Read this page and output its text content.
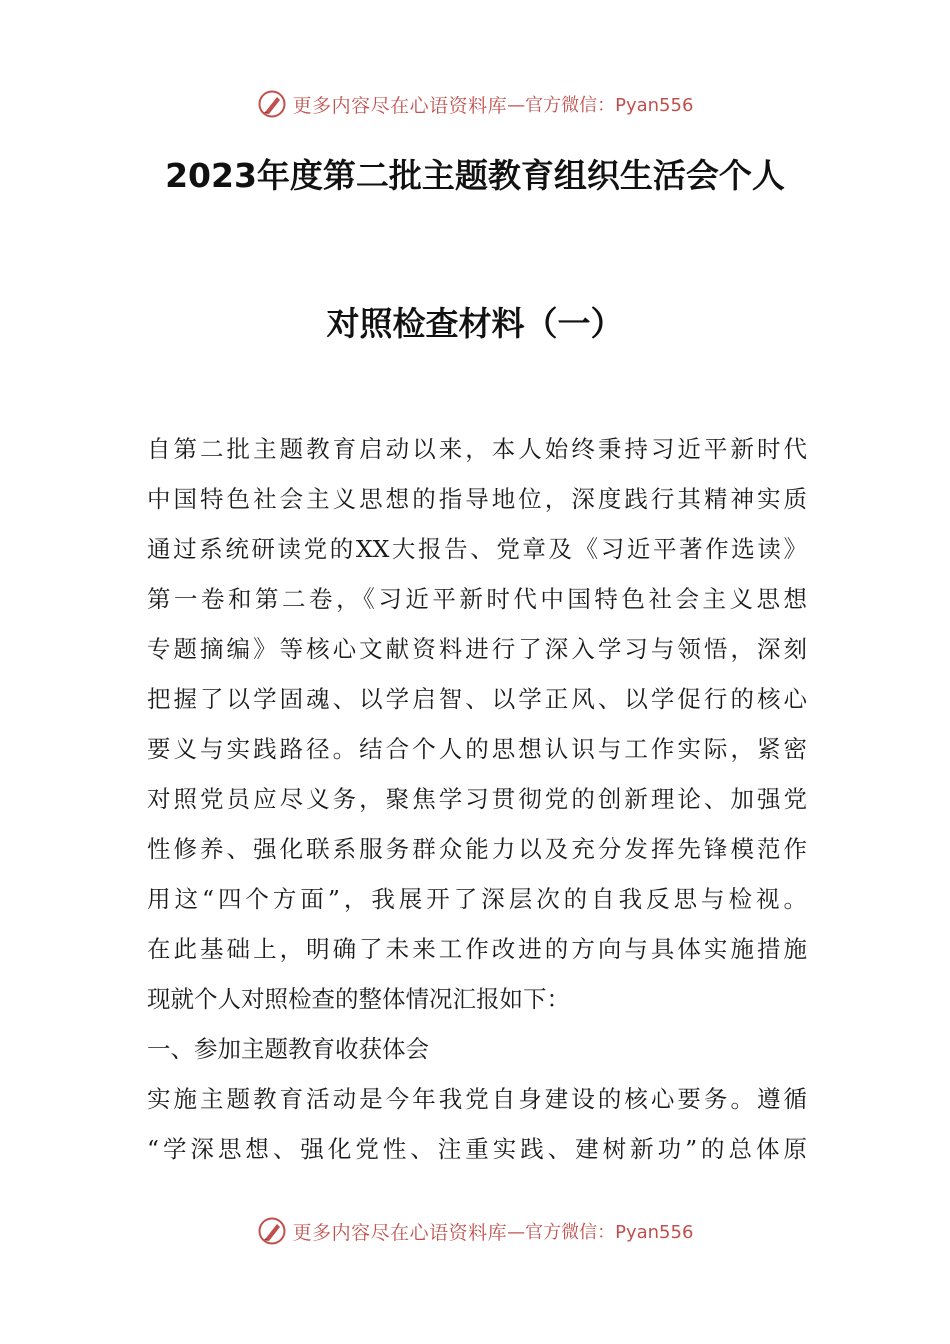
更多内容尽在心语资料库 —官方微信：Pyan556
2023年度第二批主题教育组织生活会个人
对照检查材料（一）
自第二批主题教育启动以来，本人始终秉持习近平新时代
中国特色社会主义思想的指导地位，深度践行其精神实质
通过系统研读党的XX大报告、党章及《习近平著作选读》
第一卷和第二卷，《习近平新时代中国特色社会主义思想
专题摘编》等核心文献资料进行了深入学习与领悟，深刻
把握了以学固魂、以学启智、以学正风、以学促行的核心
要义与实践路径。结合个人的思想认识与工作实际，紧密
对照党员应尽义务，聚焦学习贯彻党的创新理论、加强党
性修养、强化联系服务群众能力以及充分发挥先锋模范作
用这“四个方面”，我展开了深层次的自我反思与检视。
在此基础上，明确了未来工作改进的方向与具体实施措施
现就个人对照检查的整体情况汇报如下：
一、参加主题教育收获体会
实施主题教育活动是今年我党自身建设的核心要务。遵循
“学深思想、强化党性、注重实践、建树新功”的总体原
更多内容尽在心语资料库 —官方微信：Pyan556
